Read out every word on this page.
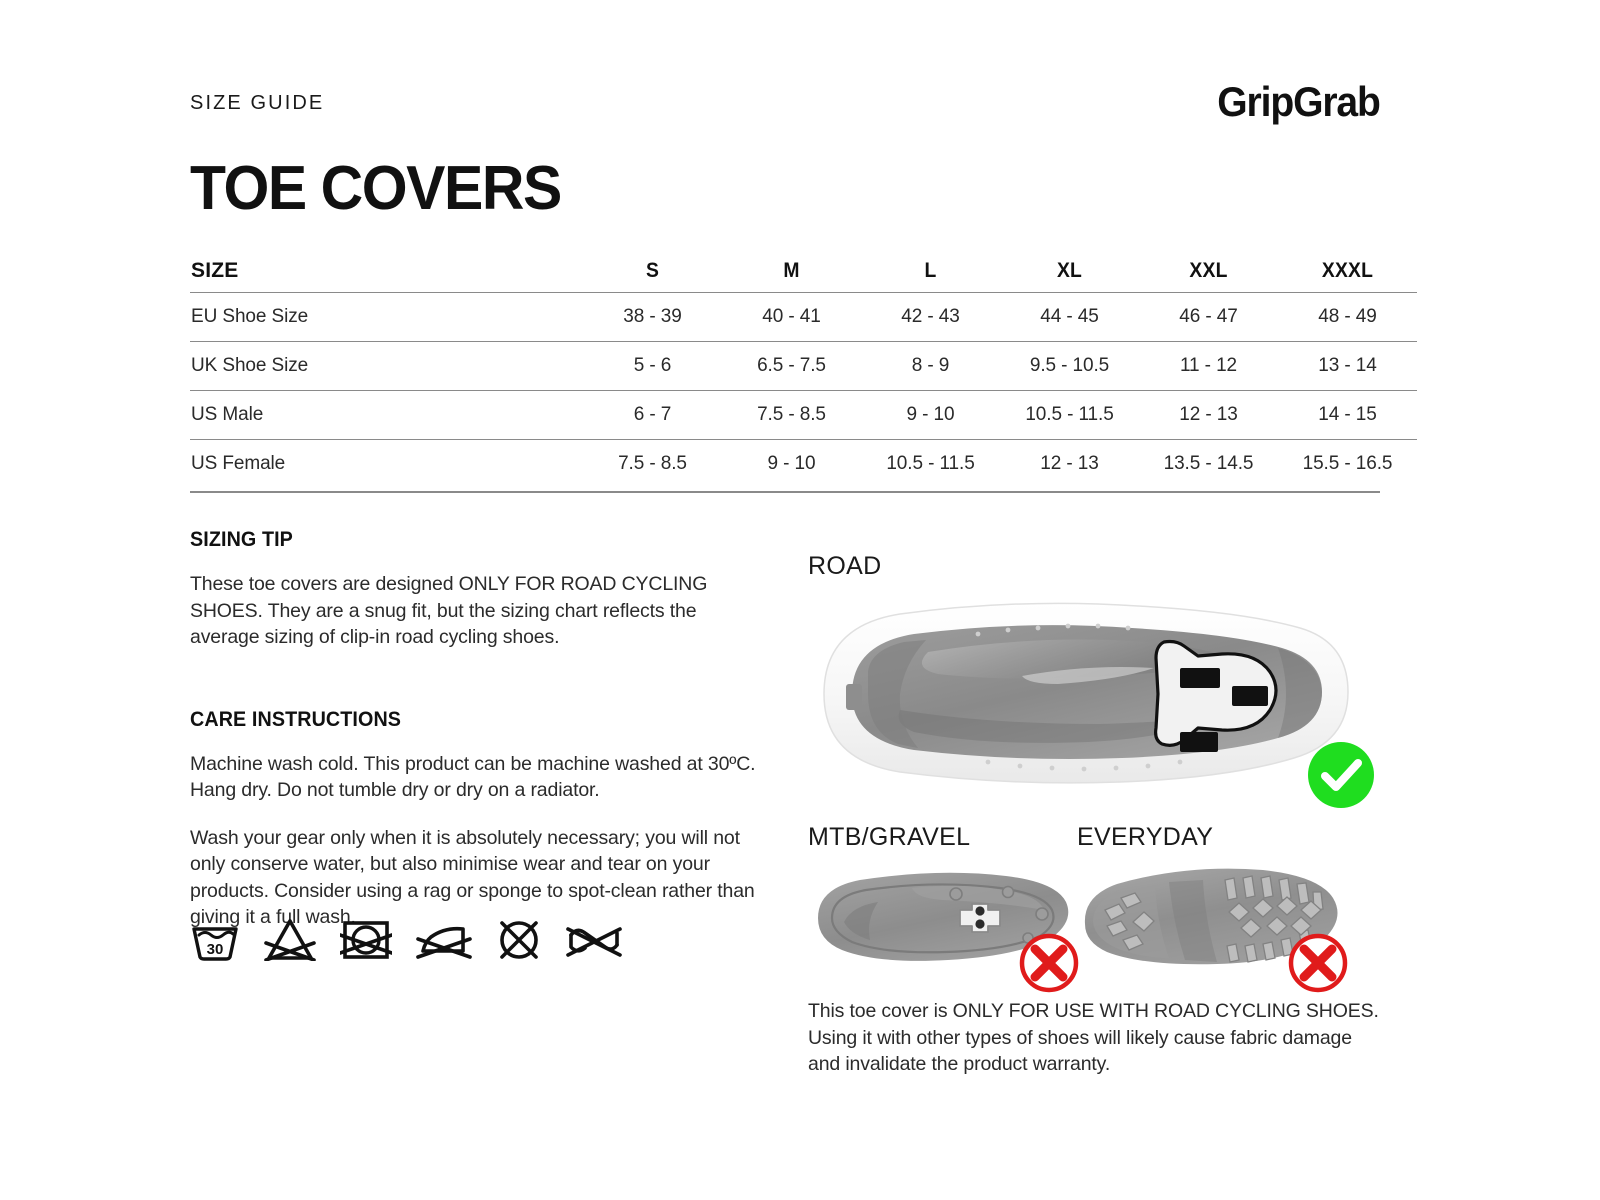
SIZE GUIDE	GripGrab
TOE COVERS
SIZE	S	M	L	XL	XXL	XXXL
EU Shoe Size	38 - 39	40 - 41	42 - 43	44 - 45	46 - 47	48 - 49
UK Shoe Size	5 - 6	6.5 - 7.5	8 - 9	9.5 - 10.5	11 - 12	13 - 14
US Male	6 - 7	7.5 - 8.5	9 - 10	10.5 - 11.5	12 - 13	14 - 15
US Female	7.5 - 8.5	9 - 10	10.5 - 11.5	12 - 13	13.5 - 14.5	15.5 - 16.5
SIZING TIP

These toe covers are designed ONLY FOR ROAD CYCLING SHOES. They are a snug fit, but the sizing chart reflects the average sizing of clip-in road cycling shoes.

CARE INSTRUCTIONS

Machine wash cold. This product can be machine washed at 30ºC. Hang dry. Do not tumble dry or dry on a radiator.

Wash your gear only when it is absolutely necessary; you will not only conserve water, but also minimise wear and tear on your products. Consider using a rag or sponge to spot-clean rather than giving it a full wash.

30
ROAD
MTB/GRAVEL	EVERYDAY

This toe cover is ONLY FOR USE WITH ROAD CYCLING SHOES. Using it with other types of shoes will likely cause fabric damage and invalidate the product warranty.
